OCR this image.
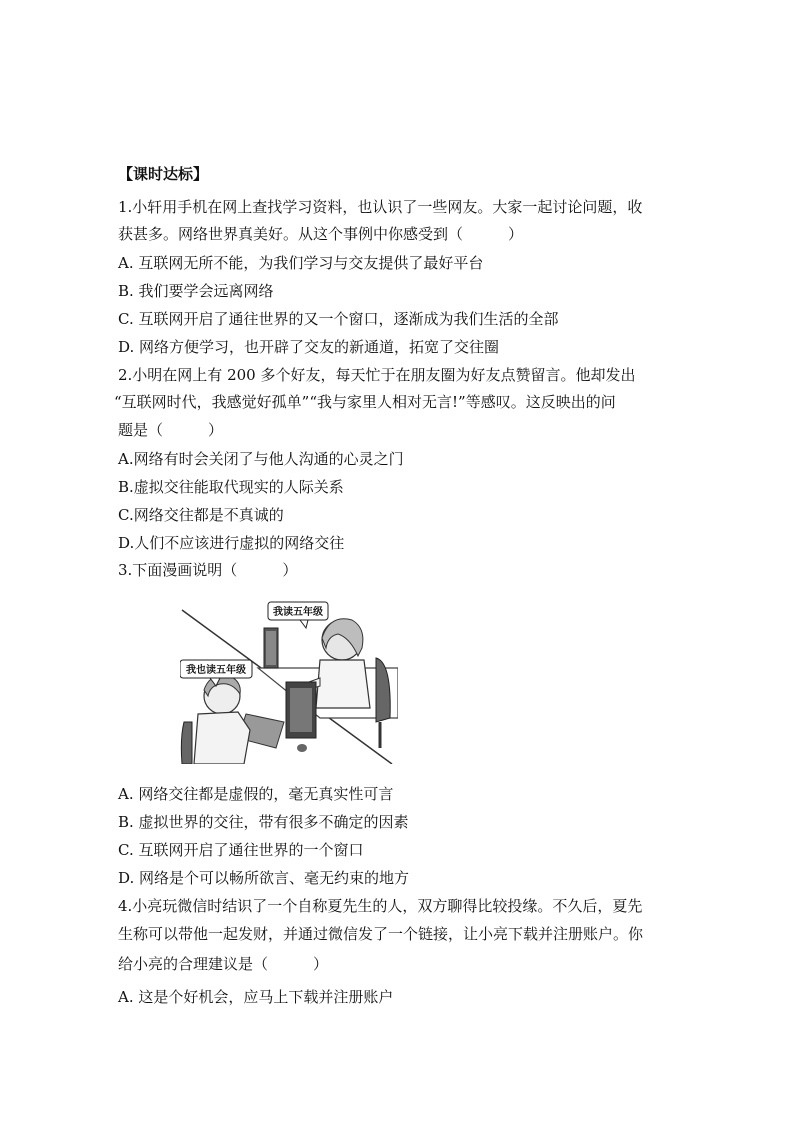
【课时达标】
1.小轩用手机在网上查找学习资料，也认识了一些网友。大家一起讨论问题，收
获甚多。网络世界真美好。从这个事例中你感受到（　　　）
A. 互联网无所不能，为我们学习与交友提供了最好平台
B. 我们要学会远离网络
C. 互联网开启了通往世界的又一个窗口，逐渐成为我们生活的全部
D. 网络方便学习，也开辟了交友的新通道，拓宽了交往圈
2.小明在网上有 200 多个好友，每天忙于在朋友圈为好友点赞留言。他却发出
“互联网时代，我感觉好孤单”“我与家里人相对无言!”等感叹。这反映出的问
题是（　　　）
A.网络有时会关闭了与他人沟通的心灵之门
B.虚拟交往能取代现实的人际关系
C.网络交往都是不真诚的
D.人们不应该进行虚拟的网络交往
3.下面漫画说明（　　　）
我读五年级
我也读五年级
A. 网络交往都是虚假的，毫无真实性可言
B. 虚拟世界的交往，带有很多不确定的因素
C. 互联网开启了通往世界的一个窗口
D. 网络是个可以畅所欲言、毫无约束的地方
4.小亮玩微信时结识了一个自称夏先生的人，双方聊得比较投缘。不久后，夏先
生称可以带他一起发财，并通过微信发了一个链接，让小亮下载并注册账户。你
给小亮的合理建议是（　　　）
A. 这是个好机会，应马上下载并注册账户
